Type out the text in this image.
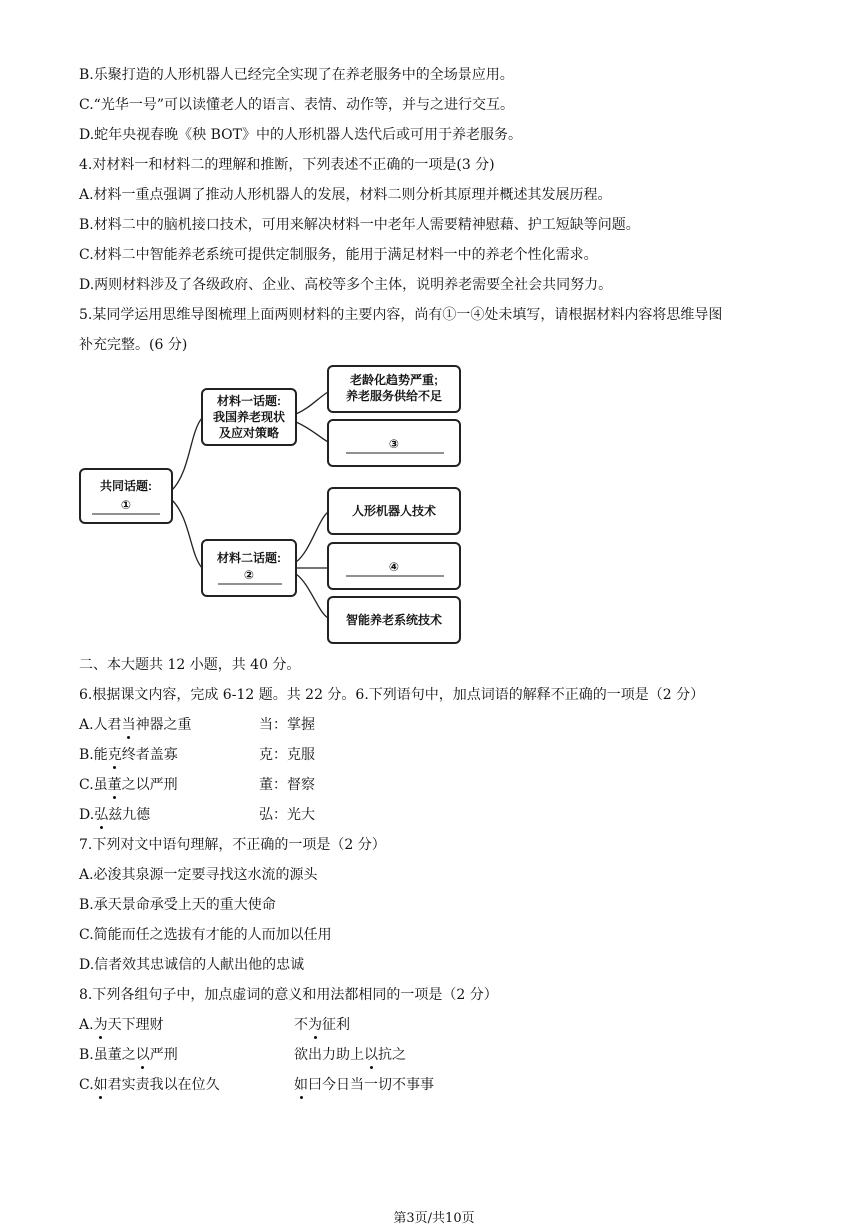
B.乐聚打造的人形机器人已经完全实现了在养老服务中的全场景应用。
C.“光华一号”可以读懂老人的语言、表情、动作等，并与之进行交互。
D.蛇年央视春晚《秧 BOT》中的人形机器人迭代后或可用于养老服务。
4.对材料一和材料二的理解和推断，下列表述不正确的一项是(3 分)
A.材料一重点强调了推动人形机器人的发展，材料二则分析其原理并概述其发展历程。
B.材料二中的脑机接口技术，可用来解决材料一中老年人需要精神慰藉、护工短缺等问题。
C.材料二中智能养老系统可提供定制服务，能用于满足材料一中的养老个性化需求。
D.两则材料涉及了各级政府、企业、高校等多个主体，说明养老需要全社会共同努力。
5.某同学运用思维导图梳理上面两则材料的主要内容，尚有①一④处未填写，请根据材料内容将思维导图
补充完整。(6 分)
共同话题:
①
材料一话题:
我国养老现状
及应对策略
老龄化趋势严重;
养老服务供给不足
③
材料二话题:
②
人形机器人技术
④
智能养老系统技术
二、本大题共 12 小题，共 40 分。
6.根据课文内容，完成 6-12 题。共 22 分。6.下列语句中，加点词语的解释不正确的一项是（2 分）
A.人君当神器之重	当：掌握
B.能克终者盖寡	克：克服
C.虽董之以严刑	董：督察
D.弘兹九德	弘：光大
7.下列对文中语句理解，不正确的一项是（2 分）
A.必浚其泉源一定要寻找这水流的源头
B.承天景命承受上天的重大使命
C.简能而任之选拔有才能的人而加以任用
D.信者效其忠诚信的人献出他的忠诚
8.下列各组句子中，加点虚词的意义和用法都相同的一项是（2 分）
A.为天下理财	不为征利
B.虽董之以严刑	欲出力助上以抗之
C.如君实责我以在位久	如曰今日当一切不事事
第3页/共10页
